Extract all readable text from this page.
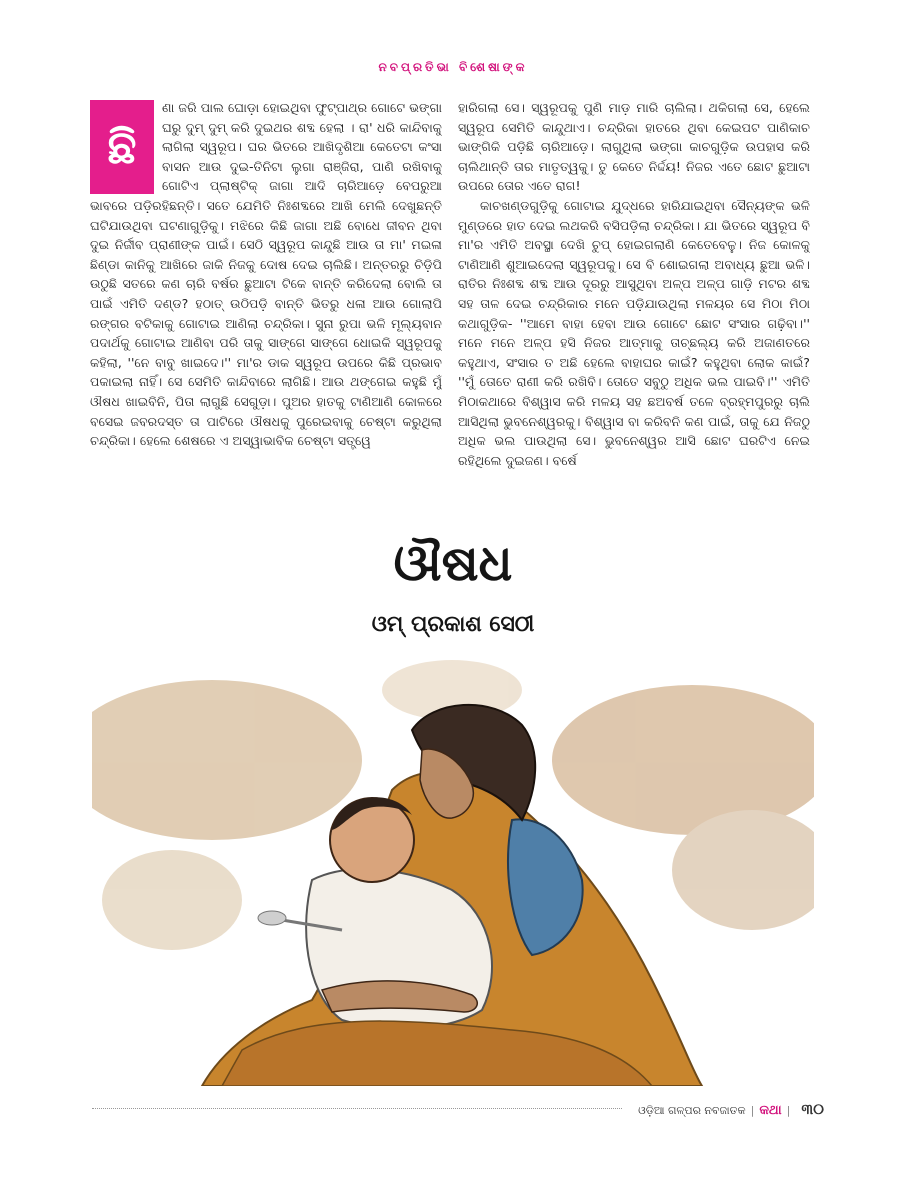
ନବପ୍ରତିଭା ବିଶେଷାଙ୍କ
ଛି

ଣା ଜରି ପାଲ ଘୋଡ଼ା ହୋଇଥିବା ଫୁଟ୍‌ପାଥ୍‌ର ଗୋଟେ ଭଙ୍ଗା ଘରୁ ଦୁମ୍ ଦୁମ୍ କରି ଦୁଇଥର ଶବ୍ଦ ହେଲା । ରା' ଧରି କାନ୍ଦିବାକୁ ଲାଗିଲା ସ୍ୱରୂପ। ଘର ଭିତରେ ଆଖିଦୃଶିଆ କେତେଟା କଂସା ବାସନ ଆଉ ଦୁଇ-ତିନିଟା ଲୁଗା ରାଞ୍ଜିରା, ପାଣି ରଖିବାକୁ ଗୋଟିଏ ପ୍ଲାଷ୍ଟିକ୍ ଜାଗା ଆଦି ଚାରିଆଡ଼େ ବେପରୁଆ ଭାବରେ ପଡ଼ିରହିଛନ୍ତି। ସତେ ଯେମିତି ନିଃଶବ୍ଦରେ ଆଖି ମେଲି ଦେଖୁଛନ୍ତି ଘଟିଯାଉଥିବା ଘଟଣାଗୁଡ଼ିକୁ। ମଝିରେ କିଛି ଜାଗା ଅଛି ବୋଧେ ଜୀବନ ଥିବା ଦୁଇ ନିର୍ଜୀବ ପ୍ରାଣୀଙ୍କ ପାଇଁ। ସେଠି ସ୍ୱରୂପ କାନ୍ଦୁଛି ଆଉ ତା ମା' ମଇଳା ଛିଣ୍ଡା କାନିକୁ ଆଖିରେ ଜାକି ନିଜକୁ ଦୋଷ ଦେଇ ଚାଲିଛି। ଅନ୍ତରରୁ ଚିଡ଼ିପି ଉଠୁଛି ସତରେ କଣ ଚାରି ବର୍ଷର ଛୁଆଟା ଟିକେ ବାନ୍ତି କରିଦେଲା ବୋଲି ତା ପାଇଁ ଏମିତି ଦଣ୍ଡ? ହଠାତ୍ ଉଠିପଡ଼ି ବାନ୍ତି ଭିତରୁ ଧଳା ଆଉ ଗୋଲାପି ରଙ୍ଗର ବଟିକାକୁ ଗୋଟାଇ ଆଣିଲା ଚନ୍ଦ୍ରିକା। ସୁନା ରୁପା ଭଳି ମୂଲ୍ୟବାନ ପଦାର୍ଥକୁ ଗୋଟାଇ ଆଣିବା ପରି ତାକୁ ସାଙ୍ଗେ ସାଙ୍ଗେ ଧୋଇକି ସ୍ୱରୂପକୁ କହିଲା, ''ନେ ବାବୁ ଖାଇଦେ।'' ମା'ର ଡାକ ସ୍ୱରୂପ ଉପରେ କିଛି ପ୍ରଭାବ ପକାଇଲା ନାହିଁ। ସେ ସେମିତି କାନ୍ଦିବାରେ ଲାଗିଛି। ଆଉ ଥଙ୍ଗେଇ କହୁଛି ମୁଁ ଔଷଧ ଖାଇବିନି, ପିତା ଲାଗୁଛି ସେଗୁଡ଼ା। ପୁଅର ହାତକୁ ଟାଣିଆଣି କୋଳରେ ବସେଇ ଜବରଦସ୍ତ ତା ପାଟିରେ ଔଷଧକୁ ପୁରେଇବାକୁ ଚେଷ୍ଟା କରୁଥିଲା ଚନ୍ଦ୍ରିକା। ହେଲେ ଶେଷରେ ଏ ଅସ୍ୱାଭାବିକ ଚେଷ୍ଟା ସତ୍ତ୍ୱେ

ହାରିଗଲା ସେ। ସ୍ୱରୂପକୁ ପୁଣି ମାଡ଼ ମାରି ଚାଲିଲା। ଥକିଗଲା ସେ, ହେଲେ ସ୍ୱରୂପ ସେମିତି କାନ୍ଦୁଥାଏ। ଚନ୍ଦ୍ରିକା ହାତରେ ଥିବା କେଇପଟ ପାଣିକାଚ ଭାଙ୍ଗିକି ପଡ଼ିଛି ଚାରିଆଡ଼େ। ଲାଗୁଥିଲା ଭଙ୍ଗା କାଚଗୁଡ଼ିକ ଉପହାସ କରି ଚାଲିଥାନ୍ତି ତାର ମାତୃତ୍ୱକୁ। ତୁ କେତେ ନିର୍ଦ୍ଦୟ! ନିଜର ଏତେ ଛୋଟ ଛୁଆଟା ଉପରେ ତୋର ଏତେ ରାଗ!

କାଚଖଣ୍ଡଗୁଡ଼ିକୁ ଗୋଟାଇ ଯୁଦ୍ଧରେ ହାରିଯାଇଥିବା ସୈନ୍ୟଙ୍କ ଭଳି ମୁଣ୍ଡରେ ହାତ ଦେଇ ଲଥକରି ବସିପଡ଼ିଲା ଚନ୍ଦ୍ରିକା। ଯା ଭିତରେ ସ୍ୱରୂପ ବି ମା'ର ଏମିତି ଅବସ୍ଥା ଦେଖି ଚୁପ୍ ହୋଇଗଲାଣି କେତେବେଳୁ। ନିଜ କୋଳକୁ ଟାଣିଆଣି ଶୁଆଇଦେଲା ସ୍ୱରୂପକୁ। ସେ ବି ଶୋଇଗଲା ଅବାଧ୍ୟ ଛୁଆ ଭଳି। ରାତିର ନିଃଶବ୍ଦ ଶବ୍ଦ ଆଉ ଦୂରରୁ ଆସୁଥିବା ଅଳ୍ପ ଅଳ୍ପ ଗାଡ଼ି ମଟର ଶବ୍ଦ ସହ ତାଳ ଦେଇ ଚନ୍ଦ୍ରିକାର ମନେ ପଡ଼ିଯାଉଥିଲା ମଳୟର ସେ ମିଠା ମିଠା କଥାଗୁଡ଼ିକ- ''ଆମେ ବାହା ହେବା ଆଉ ଗୋଟେ ଛୋଟ ସଂସାର ଗଢ଼ିବା।'' ମନେ ମନେ ଅଳ୍ପ ହସି ନିଜର ଆତ୍ମାକୁ ତାଚ୍ଛଲ୍ୟ କରି ଅଜାଣତରେ କହୁଥାଏ, ସଂସାର ତ ଅଛି ହେଲେ ବାହାଘର କାଇଁ? କହୁଥିବା ଲୋକ କାଇଁ? ''ମୁଁ ତୋତେ ରାଣୀ କରି ରଖିବି। ତୋତେ ସବୁଠୁ ଅଧିକ ଭଲ ପାଇବି।'' ଏମିତି ମିଠାକଥାରେ ବିଶ୍ୱାସ କରି ମଳୟ ସହ ଛଅବର୍ଷ ତଳେ ବ୍ରହ୍ମପୁରରୁ ଚାଲି ଆସିଥିଲା ଭୁବନେଶ୍ୱରକୁ। ବିଶ୍ୱାସ ବା କରିବନି କଣ ପାଇଁ, ତାକୁ ଯେ ନିଜଠୁ ଅଧିକ ଭଲ ପାଉଥିଲା ସେ। ଭୁବନେଶ୍ୱର ଆସି ଛୋଟ ଘରଟିଏ ନେଇ ରହିଥିଲେ ଦୁଇଜଣ। ବର୍ଷେ

ଔଷଧ
ଓମ୍ ପ୍ରକାଶ ସେଠୀ
ଓଡ଼ିଆ ଗଳ୍ପର ନବଜାତକ | କଥା | ୩୦
